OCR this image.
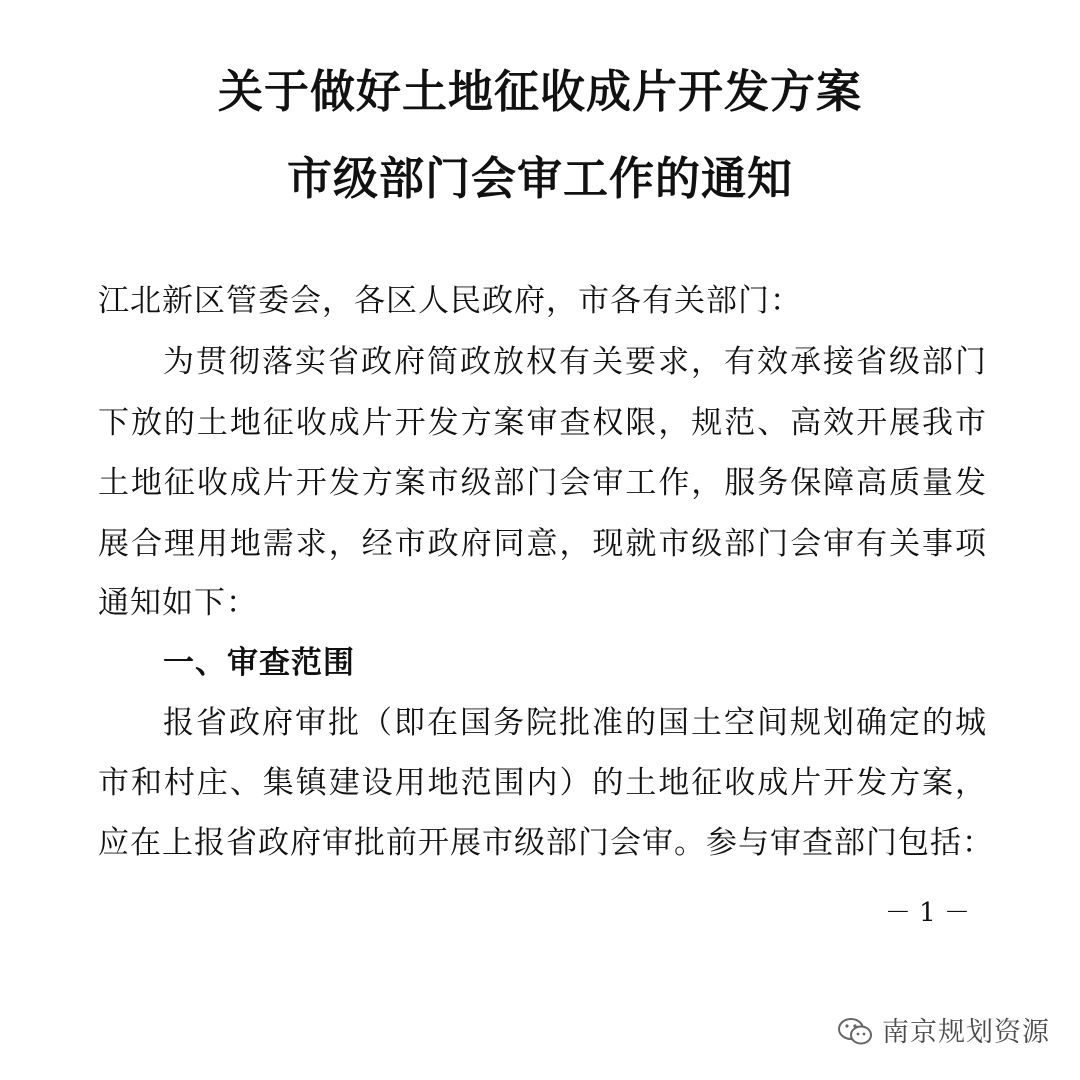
关于做好土地征收成片开发方案
市级部门会审工作的通知
江北新区管委会，各区人民政府，市各有关部门：
为贯彻落实省政府简政放权有关要求，有效承接省级部门
下放的土地征收成片开发方案审查权限，规范、高效开展我市
土地征收成片开发方案市级部门会审工作，服务保障高质量发
展合理用地需求，经市政府同意，现就市级部门会审有关事项
通知如下：
一、审查范围
报省政府审批（即在国务院批准的国土空间规划确定的城
市和村庄、集镇建设用地范围内）的土地征收成片开发方案，
应在上报省政府审批前开展市级部门会审。参与审查部门包括：
－ 1 －
南京规划资源
